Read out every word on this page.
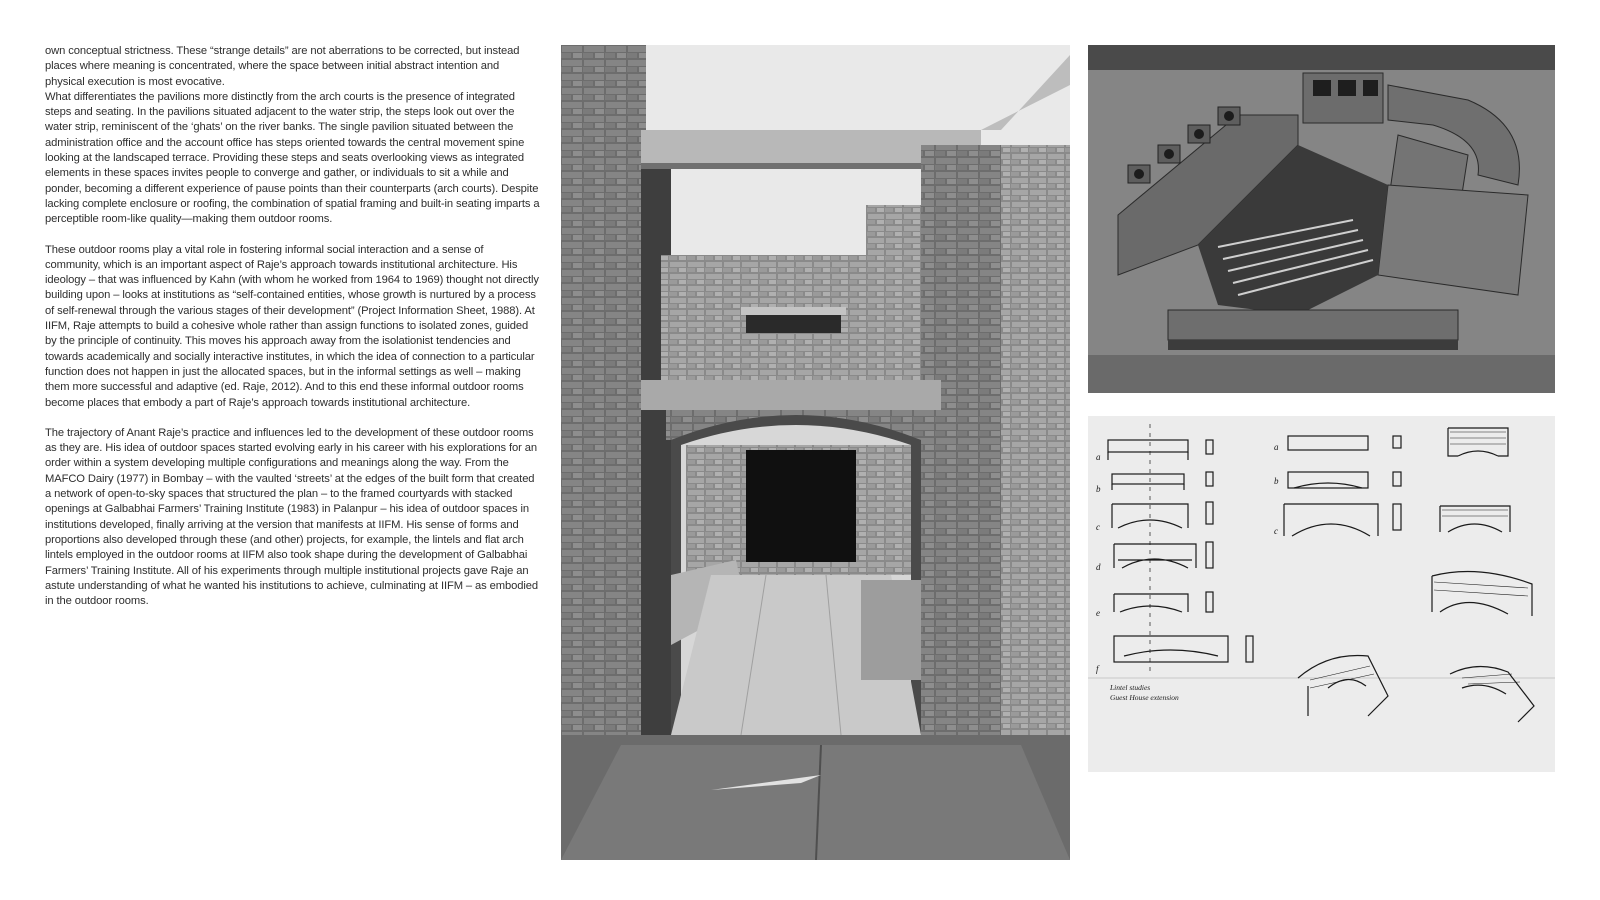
own conceptual strictness. These “strange details” are not aberrations to be corrected, but instead places where meaning is concentrated, where the space between initial abstract intention and physical execution is most evocative.

What differentiates the pavilions more distinctly from the arch courts is the presence of integrated steps and seating. In the pavilions situated adjacent to the water strip, the steps look out over the water strip, reminiscent of the ‘ghats’ on the river banks. The single pavilion situated between the administration office and the account office has steps oriented towards the central movement spine looking at the landscaped terrace. Providing these steps and seats overlooking views as integrated elements in these spaces invites people to converge and gather, or individuals to sit a while and ponder, becoming a different experience of pause points than their counterparts (arch courts). Despite lacking complete enclosure or roofing, the combination of spatial framing and built-in seating imparts a perceptible room-like quality—making them outdoor rooms.

These outdoor rooms play a vital role in fostering informal social interaction and a sense of community, which is an important aspect of Raje’s approach towards institutional architecture. His ideology – that was influenced by Kahn (with whom he worked from 1964 to 1969) thought not directly building upon – looks at institutions as “self-contained entities, whose growth is nurtured by a process of self-renewal through the various stages of their development” (Project Information Sheet, 1988). At IIFM, Raje attempts to build a cohesive whole rather than assign functions to isolated zones, guided by the principle of continuity. This moves his approach away from the isolationist tendencies and towards academically and socially interactive institutes, in which the idea of connection to a particular function does not happen in just the allocated spaces, but in the informal settings as well – making them more successful and adaptive (ed. Raje, 2012). And to this end these informal outdoor rooms become places that embody a part of Raje’s approach towards institutional architecture.

The trajectory of Anant Raje’s practice and influences led to the development of these outdoor rooms as they are. His idea of outdoor spaces started evolving early in his career with his explorations for an order within a system developing multiple configurations and meanings along the way. From the MAFCO Dairy (1977) in Bombay – with the vaulted ‘streets’ at the edges of the built form that created a network of open-to-sky spaces that structured the plan – to the framed courtyards with stacked openings at Galbabhai Farmers’ Training Institute (1983) in Palanpur – his idea of outdoor spaces in institutions developed, finally arriving at the version that manifests at IIFM. His sense of forms and proportions also developed through these (and other) projects, for example, the lintels and flat arch lintels employed in the outdoor rooms at IIFM also took shape during the development of Galbabhai Farmers’ Training Institute. All of his experiments through multiple institutional projects gave Raje an astute understanding of what he wanted his institutions to achieve, culminating at IIFM – as embodied in the outdoor rooms.

a
b
c
d
e
f
a
b
c
Lintel studies
Guest House extension
